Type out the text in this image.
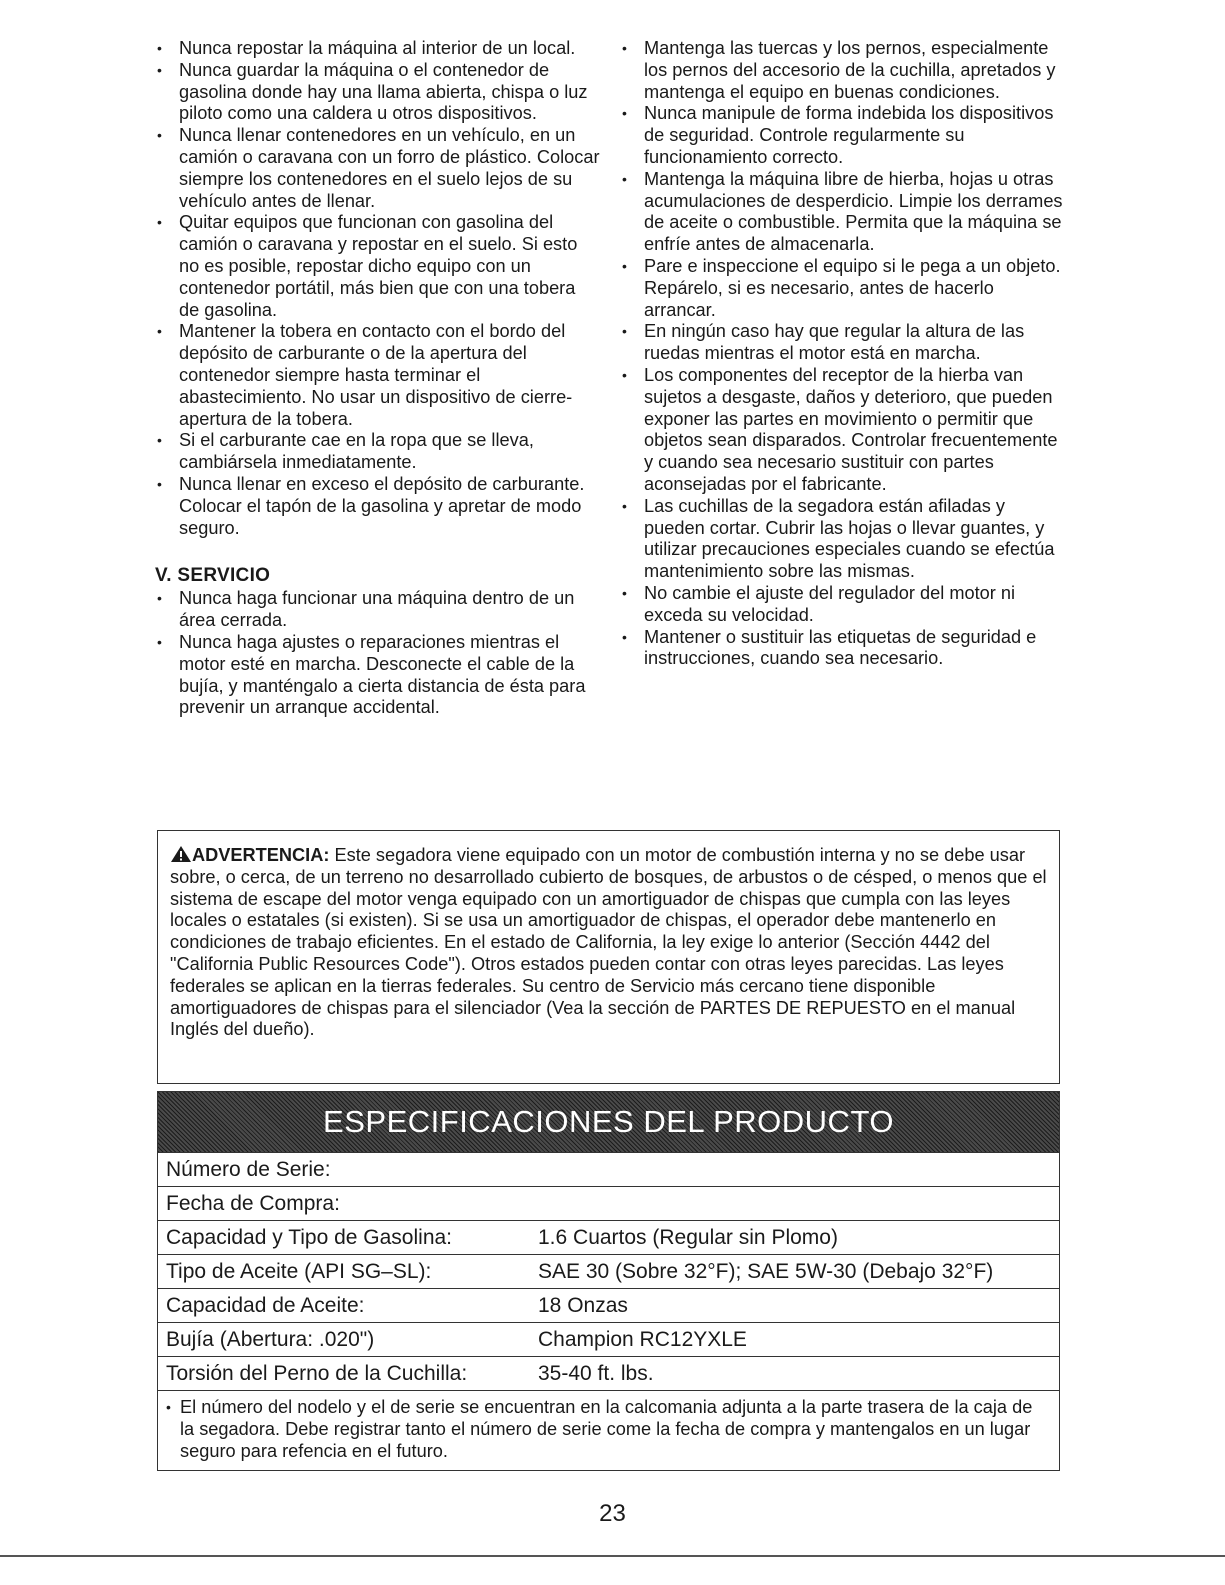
• Nunca repostar la máquina al interior de un local.
• Nunca guardar la máquina o el contenedor de gasolina donde hay una llama abierta, chispa o luz piloto como una caldera u otros dispositivos.
• Nunca llenar contenedores en un vehículo, en un camión o caravana con un forro de plástico. Colocar siempre los contenedores en el suelo lejos de su vehículo antes de llenar.
• Quitar equipos que funcionan con gasolina del camión o caravana y repostar en el suelo. Si esto no es posible, repostar dicho equipo con un contenedor portátil, más bien que con una tobera de gasolina.
• Mantener la tobera en contacto con el bordo del depósito de carburante o de la apertura del contenedor siempre hasta terminar el abastecimiento. No usar un dispositivo de cierre-apertura de la tobera.
• Si el carburante cae en la ropa que se lleva, cambiársela inmediatamente.
• Nunca llenar en exceso el depósito de carburante. Colocar el tapón de la gasolina y apretar de modo seguro.
V. SERVICIO
• Nunca haga funcionar una máquina dentro de un área cerrada.
• Nunca haga ajustes o reparaciones mientras el motor esté en marcha. Desconecte el cable de la bujía, y manténgalo a cierta distancia de ésta para prevenir un arranque accidental.
• Mantenga las tuercas y los pernos, especialmente los pernos del accesorio de la cuchilla, apretados y mantenga el equipo en buenas condiciones.
• Nunca manipule de forma indebida los dispositivos de seguridad. Controle regularmente su funcionamiento correcto.
• Mantenga la máquina libre de hierba, hojas u otras acumulaciones de desperdicio. Limpie los derrames de aceite o combustible. Permita que la máquina se enfríe antes de almacenarla.
• Pare e inspeccione el equipo si le pega a un objeto. Repárelo, si es necesario, antes de hacerlo arrancar.
• En ningún caso hay que regular la altura de las ruedas mientras el motor está en marcha.
• Los componentes del receptor de la hierba van sujetos a desgaste, daños y deterioro, que pueden exponer las partes en movimiento o permitir que objetos sean disparados. Controlar frecuentemente y cuando sea necesario sustituir con partes aconsejadas por el fabricante.
• Las cuchillas de la segadora están afiladas y pueden cortar. Cubrir las hojas o llevar guantes, y utilizar precauciones especiales cuando se efectúa mantenimiento sobre las mismas.
• No cambie el ajuste del regulador del motor ni exceda su velocidad.
• Mantener o sustituir las etiquetas de seguridad e instrucciones, cuando sea necesario.
ADVERTENCIA: Este segadora viene equipado con un motor de combustión interna y no se debe usar sobre, o cerca, de un terreno no desarrollado cubierto de bosques, de arbustos o de césped, o menos que el sistema de escape del motor venga equipado con un amortiguador de chispas que cumpla con las leyes locales o estatales (si existen). Si se usa un amortiguador de chispas, el operador debe mantenerlo en condiciones de trabajo eficientes. En el estado de California, la ley exige lo anterior (Sección 4442 del "California Public Resources Code"). Otros estados pueden contar con otras leyes parecidas. Las leyes federales se aplican en la tierras federales. Su centro de Servicio más cercano tiene disponible amortiguadores de chispas para el silenciador (Vea la sección de PARTES DE REPUESTO en el manual Inglés del dueño).
ESPECIFICACIONES DEL PRODUCTO
Número de Serie:
Fecha de Compra:
Capacidad y Tipo de Gasolina:	1.6 Cuartos (Regular sin Plomo)
Tipo de Aceite (API SG–SL):	SAE 30 (Sobre 32°F); SAE 5W-30 (Debajo 32°F)
Capacidad de Aceite:	18 Onzas
Bujía (Abertura: .020")	Champion RC12YXLE
Torsión del Perno de la Cuchilla:	35-40 ft. lbs.
• El número del nodelo y el de serie se encuentran en la calcomania adjunta a la parte trasera de la caja de la segadora. Debe registrar tanto el número de serie come la fecha de compra y mantengalos en un lugar seguro para refencia en el futuro.
23
